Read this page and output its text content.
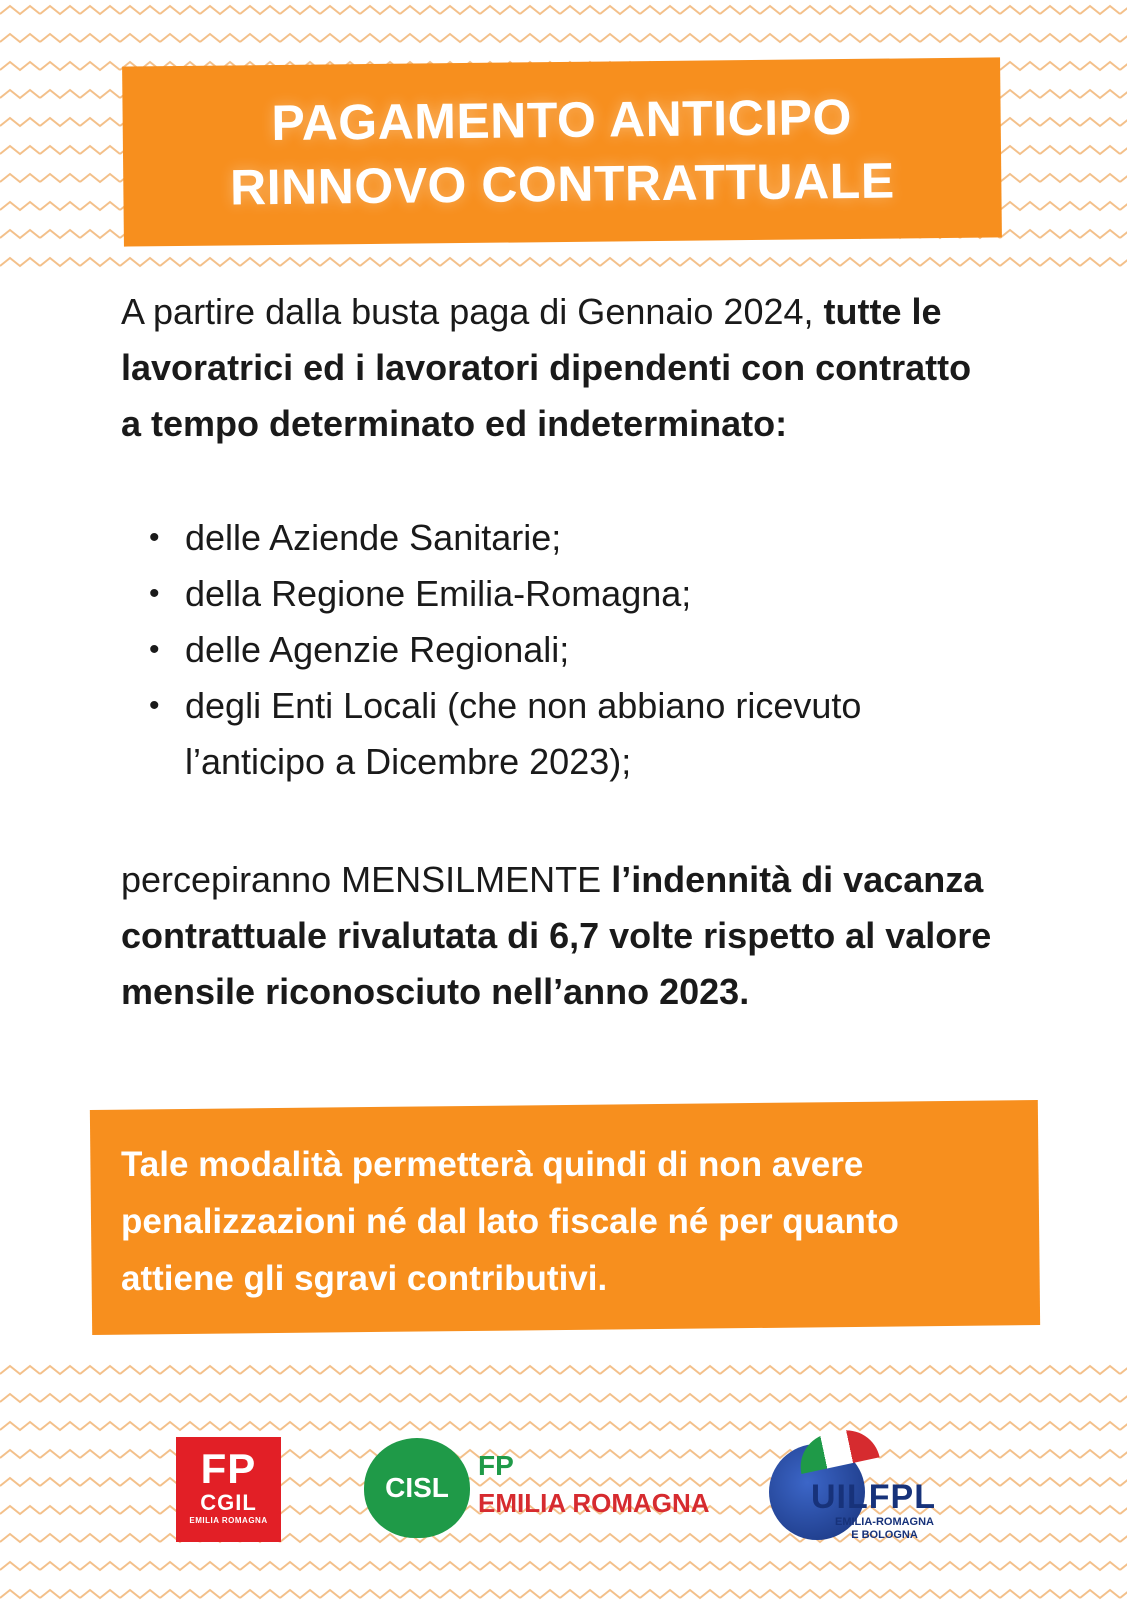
PAGAMENTO ANTICIPO
RINNOVO CONTRATTUALE
A partire dalla busta paga di Gennaio 2024, tutte le lavoratrici ed i lavoratori dipendenti con contratto a tempo determinato ed indeterminato:
• delle Aziende Sanitarie;
• della Regione Emilia-Romagna;
• delle Agenzie Regionali;
• degli Enti Locali (che non abbiano ricevuto l’anticipo a Dicembre 2023);
percepiranno MENSILMENTE l’indennità di vacanza contrattuale rivalutata di 6,7 volte rispetto al valore mensile riconosciuto nell’anno 2023.
Tale modalità permetterà quindi di non avere penalizzazioni né dal lato fiscale né per quanto attiene gli sgravi contributivi.
FP
CGIL
EMILIA ROMAGNA
CISL
FP
EMILIA ROMAGNA	UILFPL
EMILIA-ROMAGNA
E BOLOGNA
